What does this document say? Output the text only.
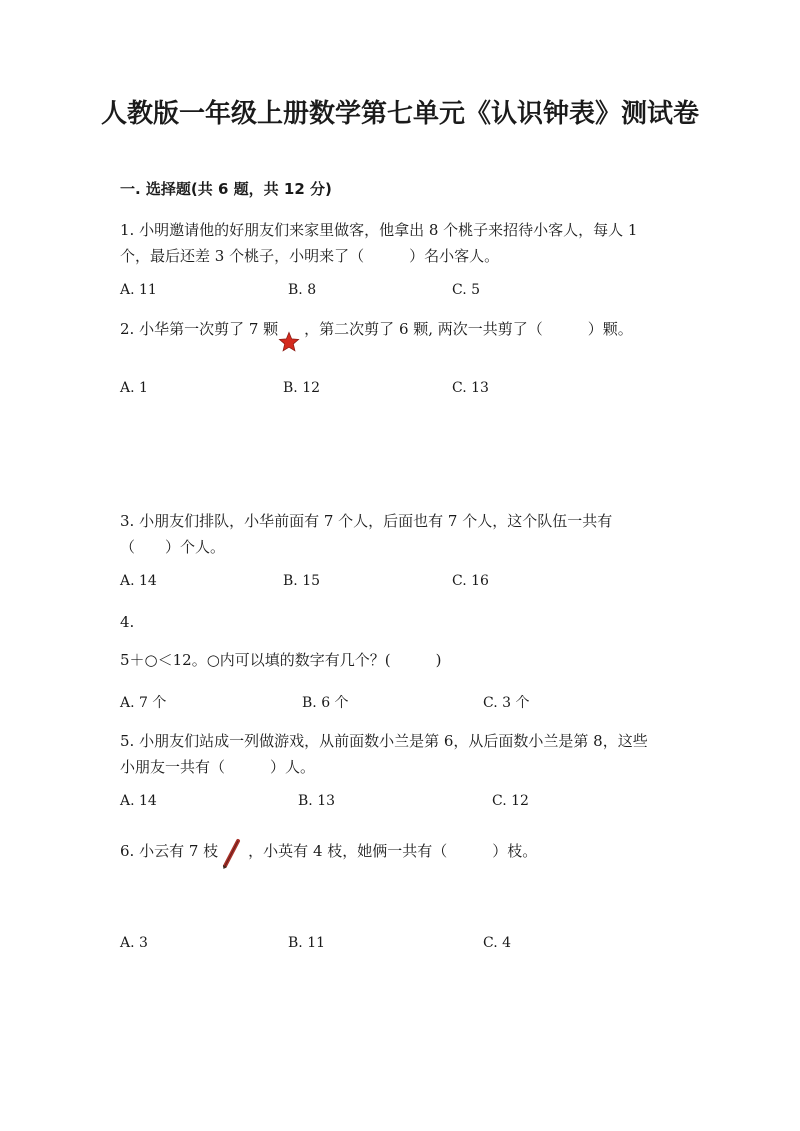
人教版一年级上册数学第七单元《认识钟表》测试卷
一. 选择题(共 6 题，共 12 分)
1. 小明邀请他的好朋友们来家里做客，他拿出 8 个桃子来招待小客人，每人 1
个，最后还差 3 个桃子，小明来了（　　　）名小客人。
A. 11	B. 8	C. 5
2. 小华第一次剪了 7 颗 ，第二次剪了 6 颗, 两次一共剪了（　　　）颗。
A. 1	B. 12	C. 13
3. 小朋友们排队，小华前面有 7 个人，后面也有 7 个人，这个队伍一共有
（　　）个人。
A. 14	B. 15	C. 16
4.
5＋○＜12。○内可以填的数字有几个？(　　　)
A. 7 个	B. 6 个	C. 3 个
5. 小朋友们站成一列做游戏，从前面数小兰是第 6，从后面数小兰是第 8，这些
小朋友一共有（　　　）人。
A. 14	B. 13	C. 12
6. 小云有 7 枝 ，小英有 4 枝，她俩一共有（　　　）枝。
A. 3	B. 11	C. 4
